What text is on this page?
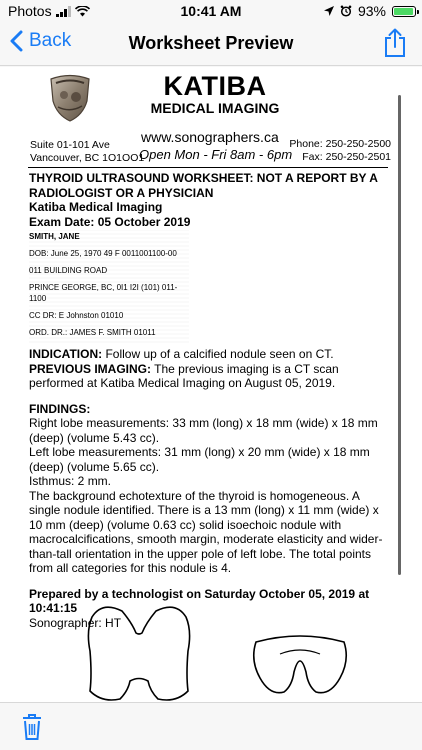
Photos	10:41 AM	93%
Back	Worksheet Preview
KATIBA
MEDICAL IMAGING
Suite 01-101 Ave
Vancouver, BC 1O1OO1
www.sonographers.ca
Open Mon - Fri 8am - 6pm
Phone: 250-250-2500
Fax: 250-250-2501
THYROID ULTRASOUND WORKSHEET: NOT A REPORT BY A RADIOLOGIST OR A PHYSICIAN
Katiba Medical Imaging
Exam Date: 05 October 2019
SMITH, JANE
DOB: June 25, 1970 49 F 0011001100-00
011 BUILDING ROAD
PRINCE GEORGE, BC, 0I1 I2I (101) 011-1100
CC DR: E Johnston 01010
ORD. DR.: JAMES F. SMITH 01011
INDICATION: Follow up of a calcified nodule seen on CT.
PREVIOUS IMAGING: The previous imaging is a CT scan performed at Katiba Medical Imaging on August 05, 2019.
FINDINGS:
Right lobe measurements: 33 mm (long) x 18 mm (wide) x 18 mm (deep) (volume 5.43 cc).
Left lobe measurements: 31 mm (long) x 20 mm (wide) x 18 mm (deep) (volume 5.65 cc).
Isthmus: 2 mm.
The background echotexture of the thyroid is homogeneous. A single nodule identified. There is a 13 mm (long) x 11 mm (wide) x 10 mm (deep) (volume 0.63 cc) solid isoechoic nodule with macrocalcifications, smooth margin, moderate elasticity and wider-than-tall orientation in the upper pole of left lobe. The total points from all categories for this nodule is 4.
Prepared by a technologist on Saturday October 05, 2019 at 10:41:15
Sonographer: HT
